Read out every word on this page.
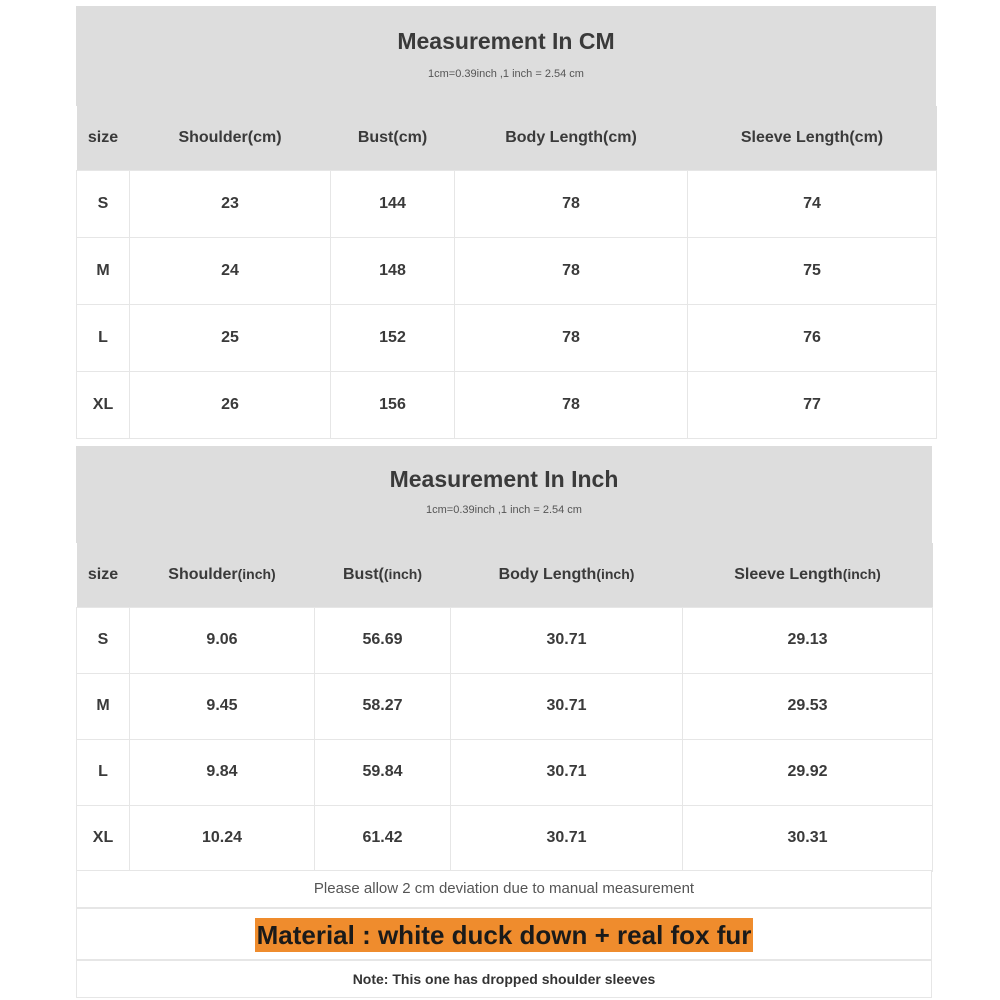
Measurement In CM
1cm=0.39inch ,1 inch = 2.54 cm
size	Shoulder(cm)	Bust(cm)	Body Length(cm)	Sleeve Length(cm)
S	23	144	78	74
M	24	148	78	75
L	25	152	78	76
XL	26	156	78	77
Measurement In Inch
1cm=0.39inch ,1 inch = 2.54 cm
size	Shoulder(inch)	Bust((inch)	Body Length(inch)	Sleeve Length(inch)
S	9.06	56.69	30.71	29.13
M	9.45	58.27	30.71	29.53
L	9.84	59.84	30.71	29.92
XL	10.24	61.42	30.71	30.31
Please allow 2 cm deviation due to manual measurement
Material : white duck down + real fox fur
Note: This one has dropped shoulder sleeves
